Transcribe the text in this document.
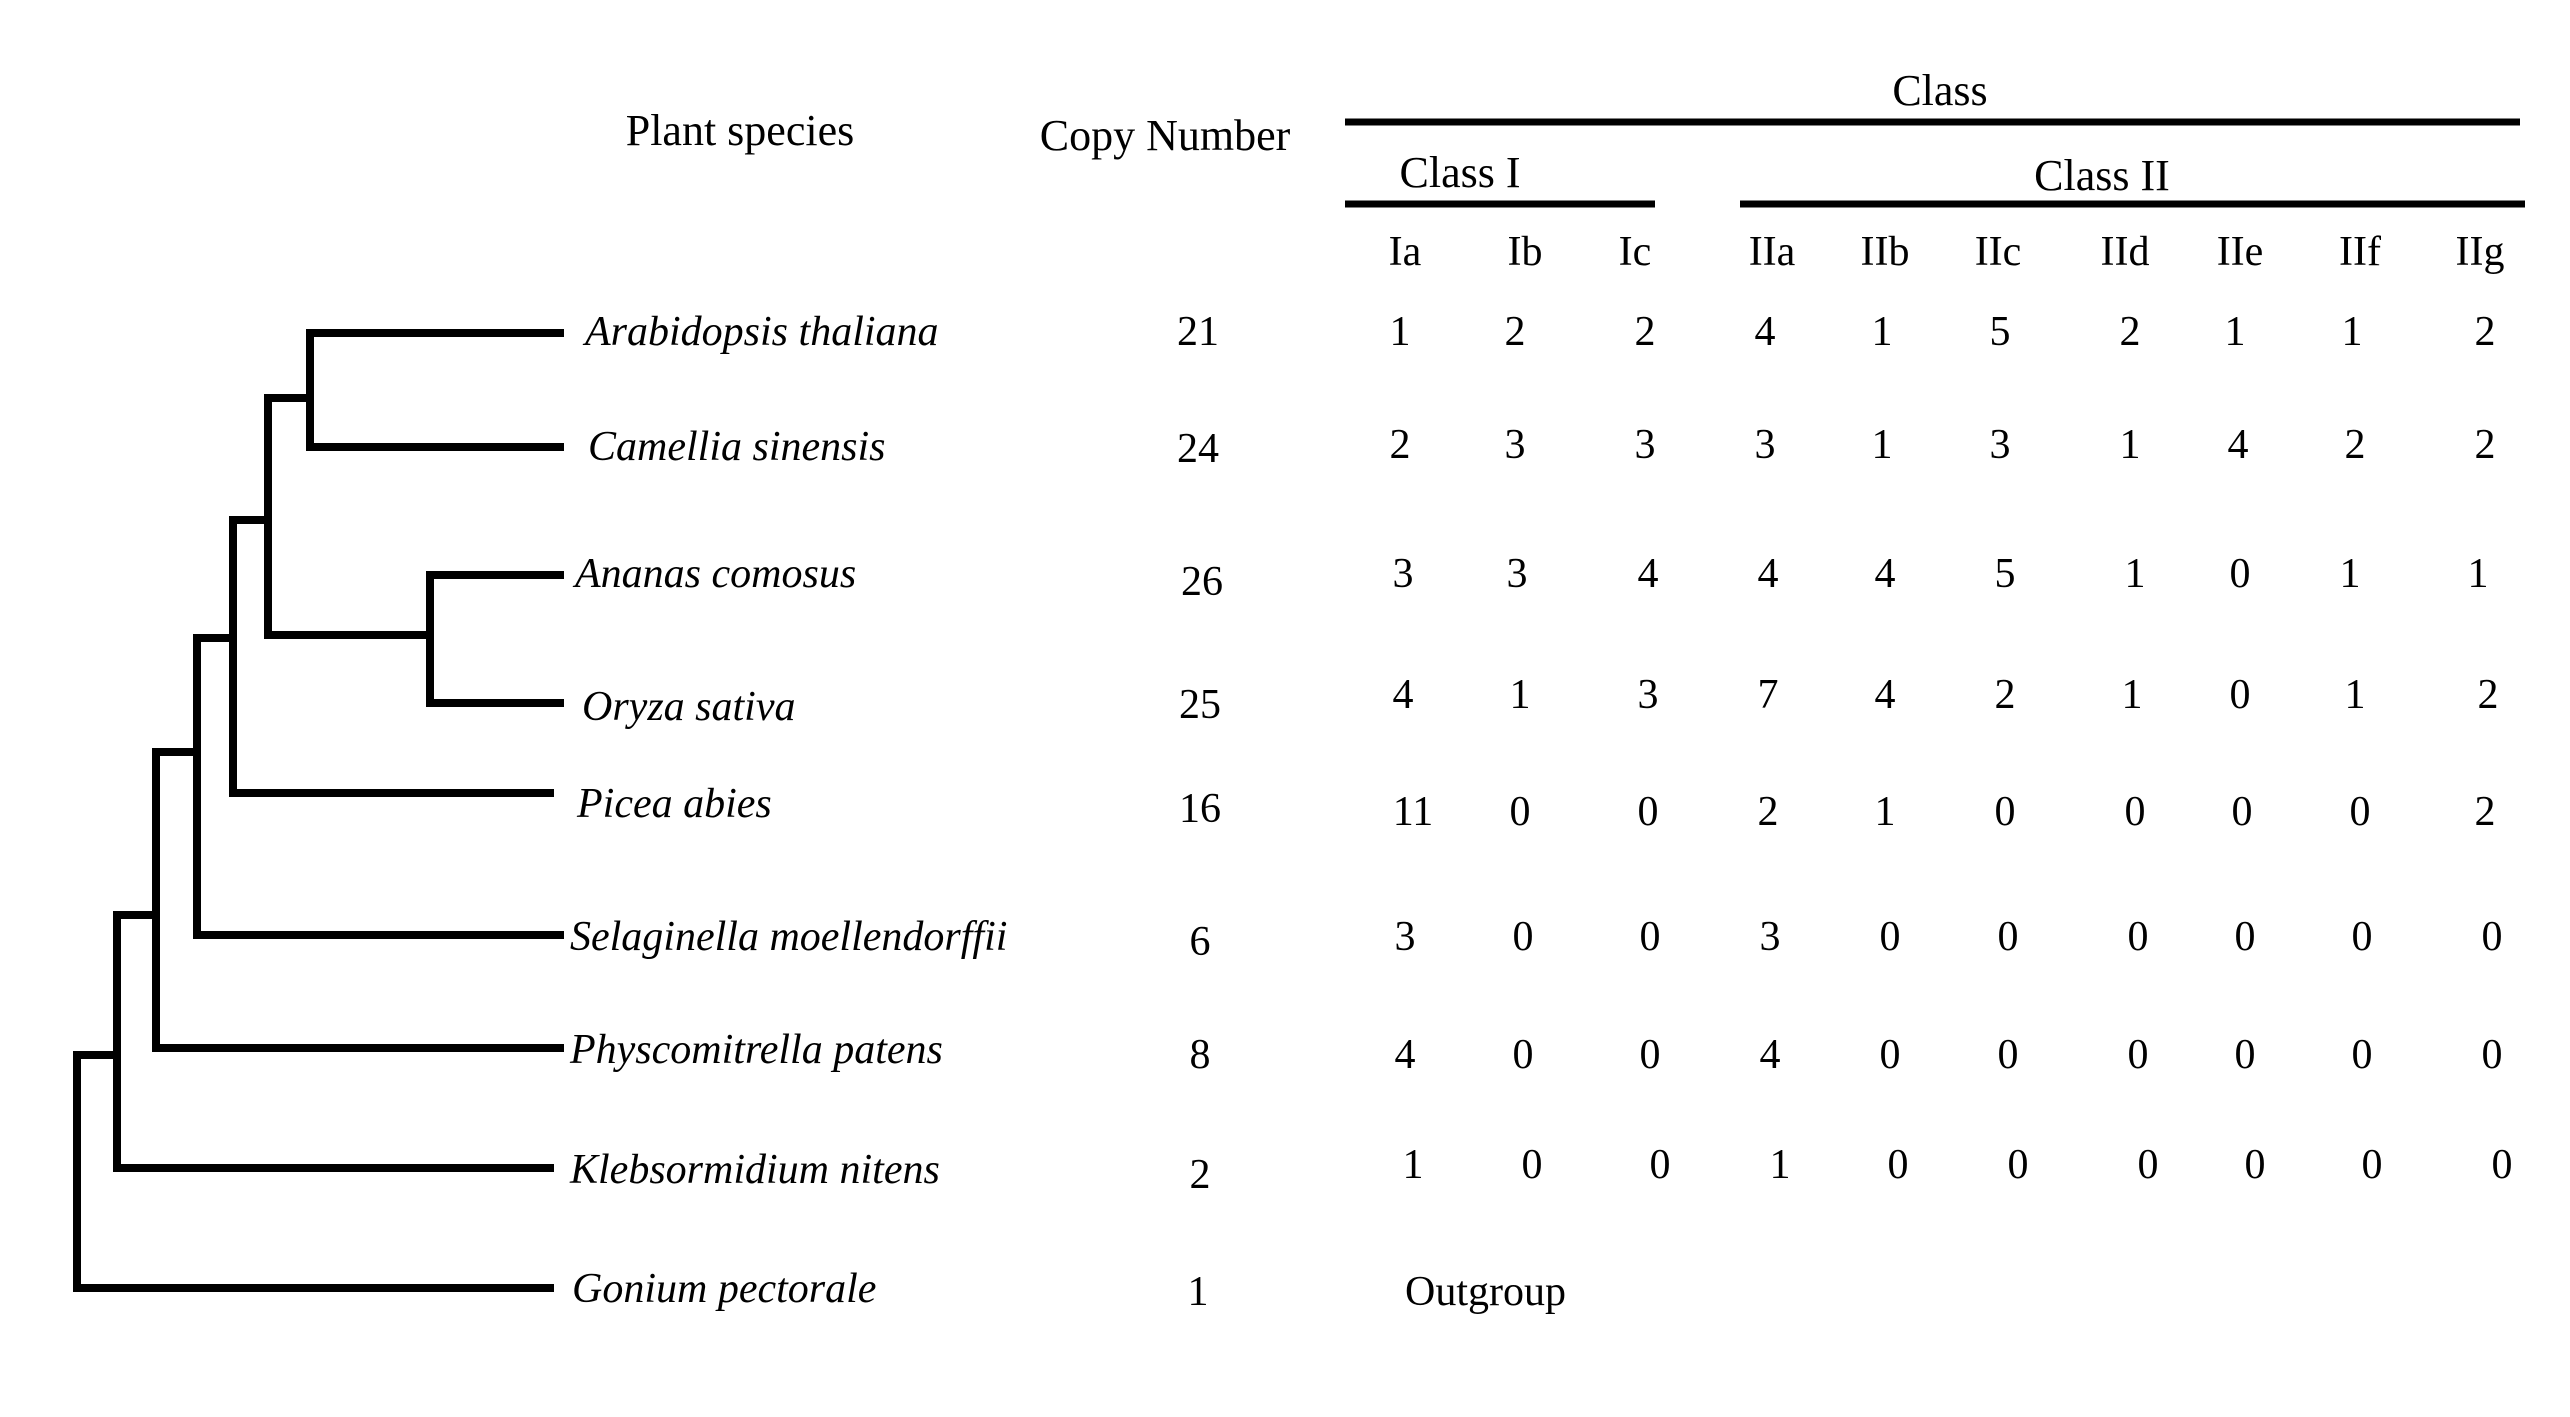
Plant species	Copy Number
Class
Class I	Class II
Ia Ib Ic IIa IIb IIc IId IIe IIf IIg
Arabidopsis thaliana	21	1 2	2 4 1 5	2 1 1	2
Camellia sinensis	24	2 3	3 3 1 3	1 4 2	2
Ananas comosus	26	3 3	4 4 4 5	1 0 1	1
Oryza sativa	25	4 1	3 7 4 2	1 0 1	2
Picea abies	16	11 0	0 2 1 0	0 0 0 2
Selaginella moellendorffii	6	3 0	0 3 0 0	0 0 0	0
Physcomitrella patens	8	4 0	0 4 0 0	0 0 0	0
Klebsormidium nitens	2	1 0	0 1 0 0	0 0 0	0
Gonium pectorale	1	Outgroup
